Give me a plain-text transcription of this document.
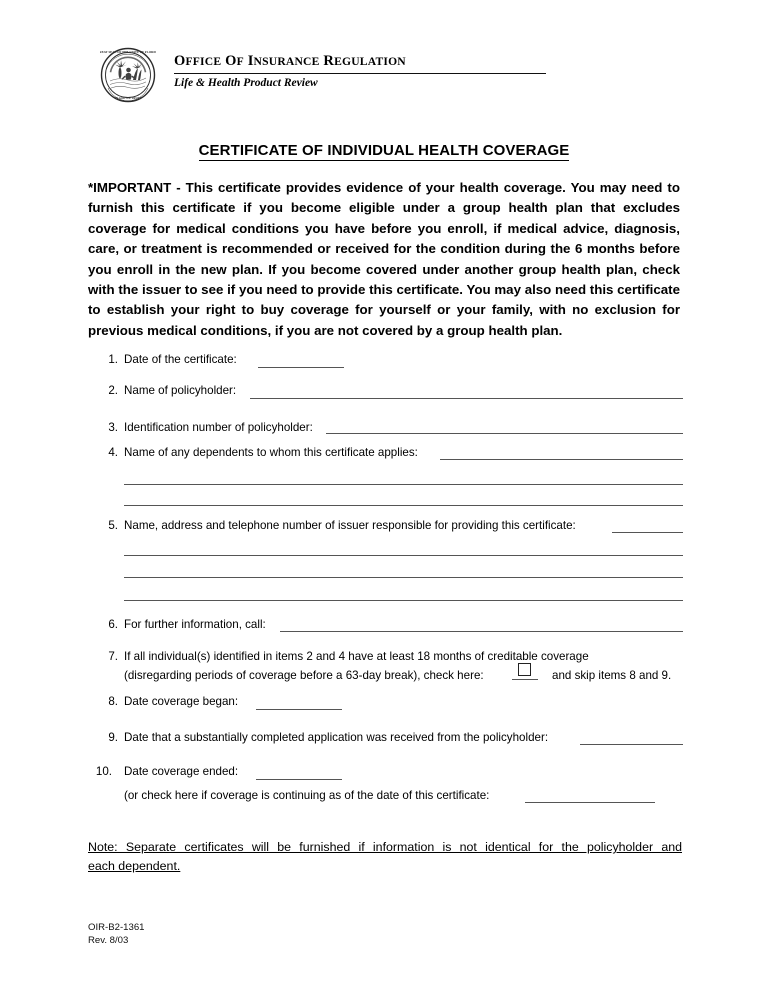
GREAT SEAL OF THE STATE OF FLORIDA
IN GOD WE TRUST
OFFICE OF INSURANCE REGULATION
Life & Health Product Review
CERTIFICATE OF INDIVIDUAL HEALTH COVERAGE
*IMPORTANT - This certificate provides evidence of your health coverage. You may need to furnish this certificate if you become eligible under a group health plan that excludes coverage for medical conditions you have before you enroll, if medical advice, diagnosis, care, or treatment is recommended or received for the condition during the 6 months before you enroll in the new plan. If you become covered under another group health plan, check with the issuer to see if you need to provide this certificate. You may also need this certificate to establish your right to buy coverage for yourself or your family, with no exclusion for previous medical conditions, if you are not covered by a group health plan.
1. Date of the certificate:
2. Name of policyholder:
3. Identification number of policyholder:
4. Name of any dependents to whom this certificate applies:
5. Name, address and telephone number of issuer responsible for providing this certificate:
6. For further information, call:
7. If all individual(s) identified in items 2 and 4 have at least 18 months of creditable coverage
(disregarding periods of coverage before a 63-day break), check here:	and skip items 8 and 9.
8. Date coverage began:
9. Date that a substantially completed application was received from the policyholder:
10. Date coverage ended:
(or check here if coverage is continuing as of the date of this certificate:
Note: Separate certificates will be furnished if information is not identical for the policyholder and
each dependent.
OIR-B2-1361
Rev. 8/03
